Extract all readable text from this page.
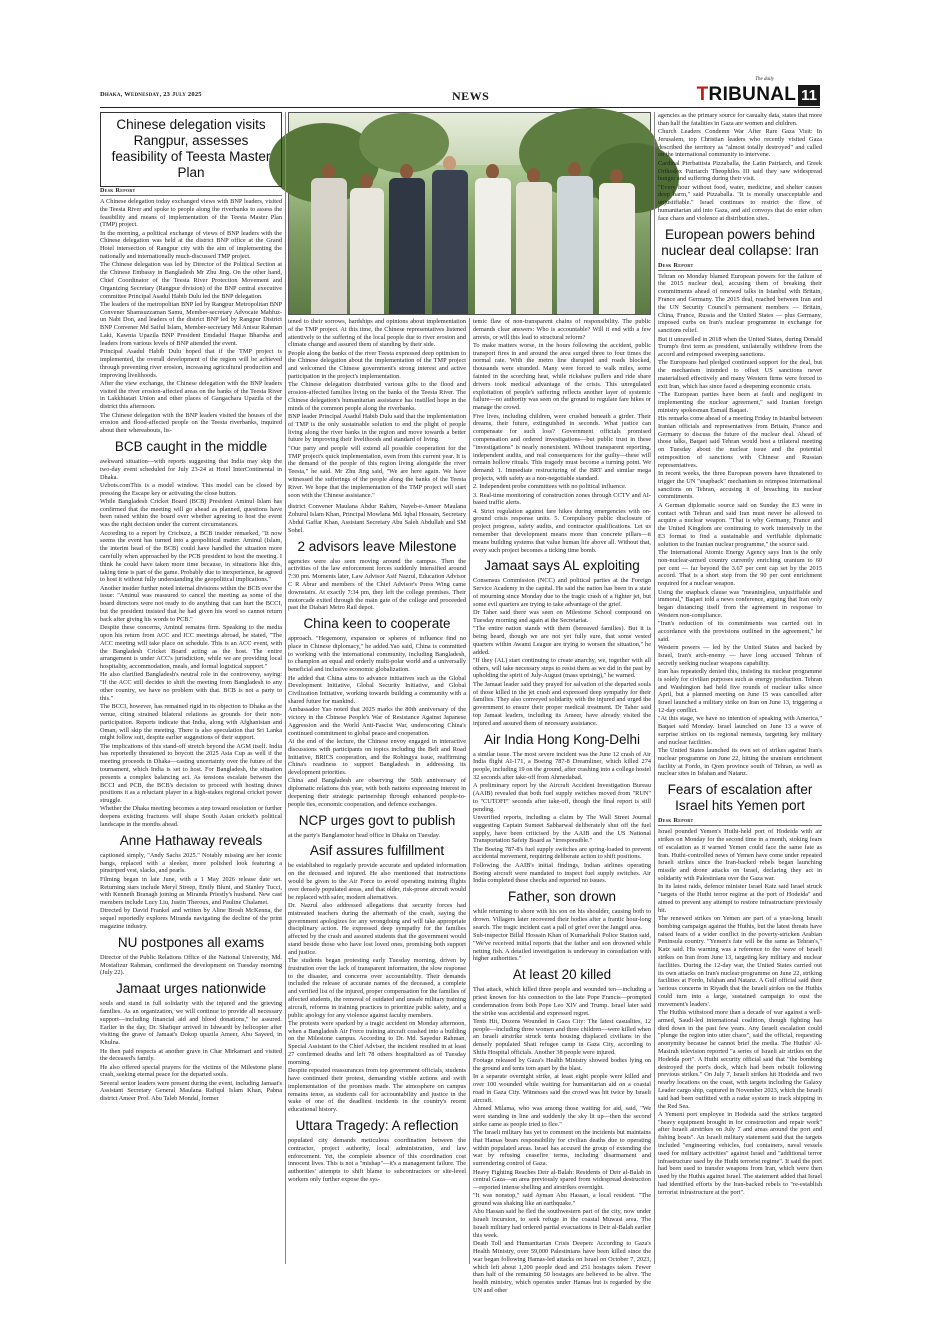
Dhaka, Wednesday, 23 July 2025	NEWS
The daily
TRIBUNAL 11
Chinese delegation visits Rangpur, assesses feasibility of Teesta Master Plan
Desk Report

A Chinese delegation today exchanged views with BNP leaders, visited the Teesta River and spoke to people along the riverbanks to assess the feasibility and means of implementation of the Teesta Master Plan (TMP) project.

In the morning, a political exchange of views of BNP leaders with the Chinese delegation was held at the district BNP office at the Grand Hotel intersection of Rangpur city with the aim of implementing the nationally and internationally much-discussed TMP project.

The Chinese delegation was led by Director of the Political Section at the Chinese Embassy in Bangladesh Mr Zhu Jing. On the other hand, Chief Coordinator of the Teesta River Protection Movement and Organizing Secretary (Rangpur division) of the BNP central executive committee Principal Asadul Habib Dulu led the BNP delegation.

The leaders of the metropolitan BNP led by Rangpur Metropolitan BNP Convener Shamsuzzaman Samu, Member-secretary Advocate Mahfuz-un Nabi Don, and leaders of the district BNP led by Rangpur District BNP Convener Md Saiful Islam, Member-secretary Md Anisur Rahman Lakt, Kawnia Upazila BNP President Emdadul Haque Bharsha and leaders from various levels of BNP attended the event.

Principal Asadul Habib Dulu hoped that if the TMP project is implemented, the overall development of the region will be achieved through preventing river erosion, increasing agricultural production and improving livelihoods.

After the view exchange, the Chinese delegation with the BNP leaders visited the river erosion-affected areas on the banks of the Teesta River in Lakkhiatari Union and other places of Gangachara Upazila of the district this afternoon.

The Chinese delegation with the BNP leaders visited the houses of the erosion and flood-affected people on the Teesta riverbanks, inquired about their whereabouts, lis-

BCB caught in the middle

awkward situation—with reports suggesting that India may skip the two-day event scheduled for July 23-24 at Hotel InterContinental in Dhaka.

Uzbots.comThis is a model window. This model can be closed by pressing the Escape key or activating the close button.

While Bangladesh Cricket Board (BCB) President Aminul Islam has confirmed that the meeting will go ahead as planned, questions have been raised within the board over whether agreeing to host the event was the right decision under the current circumstances.

According to a report by Cricbuzz, a BCB insider remarked, "It now seems the event has turned into a geopolitical matter. Aminul (Islam, the interim head of the BCB) could have handled the situation more carefully when approached by the PCB president to host the meeting. I think he could have taken more time because, in situations like this, taking time is part of the game. Probably due to inexperience, he agreed to host it without fully understanding the geopolitical implications."

Another insider further noted internal divisions within the BCB over the issue: "Aminul was reassured to cancel the meeting as some of the board directors were not ready to do anything that can hurt the BCCI, but the president insisted that he had given his word so cannot return back after giving his words to PCB."

Despite these concerns, Aminul remains firm. Speaking to the media upon his return from ACC and ICC meetings abroad, he stated, "The ACC meeting will take place on schedule. This is an ACC event, with the Bangladesh Cricket Board acting as the host. The entire arrangement is under ACC's jurisdiction, while we are providing local hospitality, accommodation, meals, and formal logistical support."

He also clarified Bangladesh's neutral role in the controversy, saying: "If the ACC still decides to shift the meeting from Bangladesh to any other country, we have no problem with that. BCB is not a party to this."

The BCCI, however, has remained rigid in its objection to Dhaka as the venue, citing strained bilateral relations as grounds for their non-participation. Reports indicate that India, along with Afghanistan and Oman, will skip the meeting. There is also speculation that Sri Lanka might follow suit, despite earlier suggestions of their support.

The implications of this stand-off stretch beyond the AGM itself. India has reportedly threatened to boycott the 2025 Asia Cup as well if the meeting proceeds in Dhaka—casting uncertainty over the future of the tournament, which India is set to host. For Bangladesh, the situation presents a complex balancing act. As tensions escalate between the BCCI and PCB, the BCB's decision to proceed with hosting draws positions it as a reluctant player in a high-stakes regional cricket power struggle.

Whether the Dhaka meeting becomes a step toward resolution or further deepens existing fractures will shape South Asian cricket's political landscape in the months ahead.

Anne Hathaway reveals

captioned simply, "Andy Sachs 2025." Notably missing are her iconic bangs, replaced with a sleeker, more polished look featuring a pinstriped vest, slacks, and pearls.

Filming began in late June, with a 1 May 2026 release date set. Returning stars include Meryl Streep, Emily Blunt, and Stanley Tucci, with Kenneth Branagh joining as Miranda Priestly's husband. New cast members include Lucy Liu, Justin Theroux, and Pauline Chalamet.

Directed by David Frankel and written by Aline Brosh McKenna, the sequel reportedly explores Miranda navigating the decline of the print magazine industry.

NU postpones all exams

Director of the Public Relations Office of the National University, Md. Mostafizur Rahman, confirmed the development on Tuesday morning (July 22).

Jamaat urges nationwide

souls and stand in full solidarity with the injured and the grieving families. As an organization, we will continue to provide all necessary support—including financial aid and blood donations," he assured. Earlier in the day, Dr. Shafiqur arrived in Ishwardi by helicopter after visiting the grave of Jamaat's Dokop upazila Ameer, Abu Sayeed, in Khulna.

He then paid respects at another grave in Char Mirkamari and visited the deceased's family.

He also offered special prayers for the victims of the Milestone plane crash, seeking eternal peace for the departed souls.

Several senior leaders were present during the event, including Jamaat's Assistant Secretary General Maulana Rafiqul Islam Khan, Pabna district Ameer Prof. Abu Taleb Mondal, former

tened to their sorrows, hardships and opinions about implementation of the TMP project. At this time, the Chinese representatives listened attentively to the suffering of the local people due to river erosion and climate change and assured them of standing by their side.

People along the banks of the river Teesta expressed deep optimism to the Chinese delegation about the implementation of the TMP project and welcomed the Chinese government's strong interest and active participation in the project's implementation.

The Chinese delegation distributed various gifts to the flood and erosion-affected families living on the banks of the Teesta River. The Chinese delegation's humanitarian assistance has instilled hope in the minds of the common people along the riverbanks.

BNP leader Principal Asadul Habib Dulu said that the implementation of TMP is the only sustainable solution to end the plight of people living along the river banks in the region and move towards a better future by improving their livelihoods and standard of living.

"Our party and people will extend all possible cooperation for the TMP project's quick implementation, even from this current year. It is the demand of the people of this region living alongside the river Teesta," he said. Mr Zhu Jing said, "We are here again. We have witnessed the sufferings of the people along the banks of the Teesta River. We hope that the implementation of the TMP project will start soon with the Chinese assistance."

district Convener Maulana Abdur Rahim, Nayeb-e-Ameer Maulana Zohurul Islam Khan, Principal Mowlana Md. Iqbal Hossain, Secretary Abdul Gaffar Khan, Assistant Secretary Abu Saleh Abdullah and SM Sohel.

2 advisors leave Milestone

agencies were also seen moving around the campus. Then the activities of the law enforcement forces suddenly intensified around 7:30 pm. Moments later, Law Advisor Asif Nazrul, Education Advisor C R Abrar and members of the Chief Advisor's Press Wing came downstairs. At exactly 7:34 pm, they left the college premises. Their motorcade exited through the main gate of the college and proceeded past the Diabari Metro Rail depot.

China keen to cooperate

approach. "Hegemony, expansion or spheres of influence find no place in Chinese diplomacy," he added.Yao said, China is committed to working with the international community, including Bangladesh, to champion an equal and orderly multi-polar world and a universally beneficial and inclusive economic globalization.

He added that China aims to advance initiatives such as the Global Development Initiative, Global Security Initiative, and Global Civilization Initiative, working towards building a community with a shared future for mankind.

Ambassador Yao noted that 2025 marks the 80th anniversary of the victory in the Chinese People's War of Resistance Against Japanese Aggression and the World Anti-Fascist War, underscoring China's continued commitment to global peace and cooperation.

At the end of the lecture, the Chinese envoy engaged in interactive discussions with participants on topics including the Belt and Road Initiative, BRICS cooperation, and the Rohingya issue, reaffirming China's readiness to support Bangladesh in addressing its development priorities.

China and Bangladesh are observing the 50th anniversary of diplomatic relations this year, with both nations expressing interest in deepening their strategic partnership through enhanced people-to-people ties, economic cooperation, and defence exchanges.

NCP urges govt to publish

at the party's Banglamotor head office in Dhaka on Tuesday.

Asif assures fulfillment

be established to regularly provide accurate and updated information on the deceased and injured. He also mentioned that instructions would be given to the Air Force to avoid operating training flights over densely populated areas, and that older, risk-prone aircraft would be replaced with safer, modern alternatives.

Dr. Nazrul also addressed allegations that security forces had mistreated teachers during the aftermath of the crash, saying the government apologizes for any wrongdoing and will take appropriate disciplinary action. He expressed deep sympathy for the families affected by the crash and assured students that the government would stand beside those who have lost loved ones, promising both support and justice.

The students began protesting early Tuesday morning, driven by frustration over the lack of transparent information, the slow response to the disaster, and concerns over accountability. Their demands included the release of accurate names of the deceased, a complete and verified list of the injured, proper compensation for the families of affected students, the removal of outdated and unsafe military training aircraft, reforms in training practices to prioritize public safety, and a public apology for any violence against faculty members.

The protests were sparked by a tragic accident on Monday afternoon, when a Bangladesh Air Force training aircraft crashed into a building on the Milestone campus. According to Dr. Md. Sayedur Rahman, Special Assistant to the Chief Adviser, the incident resulted in at least 27 confirmed deaths and left 78 others hospitalized as of Tuesday morning.

Despite repeated reassurances from top government officials, students have continued their protest, demanding visible actions and swift implementation of the promises made. The atmosphere on campus remains tense, as students call for accountability and justice in the wake of one of the deadliest incidents in the country's recent educational history.

Uttara Tragedy: A reflection

populated city demands meticulous coordination between the contractor, project authority, local administration, and law enforcement. Yet, the complete absence of this coordination cost innocent lives. This is not a "mishap"—it's a management failure. The authorities' attempts to shift blame to subcontractors or site-level workers only further expose the sys-

temic flaw of non-transparent chains of responsibility. The public demands clear answers: Who is accountable? Will it end with a few arrests, or will this lead to structural reform?

To make matters worse, in the hours following the accident, public transport fires in and around the area surged three to four times the normal rate. With the metro line disrupted and roads blocked, thousands were stranded. Many were forced to walk miles, some fainted in the scorching heat, while rickshaw pullers and ride share drivers took medical advantage of the crisis. This unregulated exploitation of people's suffering reflects another layer of systemic failure—no authority was seen on the ground to regulate fare hikes or manage the crowd.

Five lives, including children, were crushed beneath a girder. Their dreams, their future, extinguished in seconds. What justice can compensate for such loss? Government officials promised compensation and ordered investigations—but public trust in these "investigations" is nearly nonexistent. Without transparent reporting, independent audits, and real consequences for the guilty—these will remain hollow rituals. This tragedy must become a turning point. We demand: 1. Immediate restructuring of the BRT and similar mega projects, with safety as a non-negotiable standard.

2. Independent probe committees with no political influence.

3. Real-time monitoring of construction zones through CCTV and AI-based traffic alerts.

4. Strict regulation against fare hikes during emergencies with on-ground crisis response units. 5. Compulsory public disclosure of project progress, safety audits, and contractor qualifications. Let us remember that development means more than concrete pillars—it means building systems that value human life above all. Without that, every such project becomes a ticking time bomb.

Jamaat says AL exploiting

Consensus Commission (NCC) and political parties at the Foreign Service Academy in the capital. He said the nation has been in a state of mourning since Monday due to the tragic crash of a fighter jet, but some evil quarters are trying to take advantage of the grief.

Dr Taher said there was seen on Milestone School compound on Tuesday morning and again at the Secretariat.

"The entire nation stands with them (bereaved families). But it is being heard, though we are not yet fully sure, that some vested quarters within Awami League are trying to worsen the situation," he added.

"If they (AL) start continuing to create anarchy, we, together with all others, will take necessary steps to resist them as we did in the past by upholding the spirit of July-August (mass uprising)," he warned.

The Jamaat leader said they prayed for salvation of the departed souls of those killed in the jet crash and expressed deep sympathy for their families. They also conveyed solidarity with the injured and urged the government to ensure their proper medical treatment. Dr Taher said top Jamaat leaders, including its Ameer, have already visited the injured and assured them of necessary assistance.

Air India Hong Kong-Delhi

a similar issue. The most severe incident was the June 12 crash of Air India flight AI-171, a Boeing 787-8 Dreamliner, which killed 274 people, including 19 on the ground, after crashing into a college hostel 32 seconds after take-off from Ahmedabad.

A preliminary report by the Aircraft Accident Investigation Bureau (AAIB) revealed that both fuel supply switches moved from "RUN" to "CUTOFF" seconds after take-off, though the final report is still pending.

Unverified reports, including a claim by The Wall Street Journal suggesting Captain Sumeet Sabharwal deliberately shut off the fuel supply, have been criticised by the AAIB and the US National Transportation Safety Board as "irresponsible."

The Boeing 787-8's fuel supply switches are spring-loaded to prevent accidental movement, requiring deliberate action to shift positions.

Following the AAIB's initial findings, Indian airlines operating Boeing aircraft were mandated to inspect fuel supply switches. Air India completed these checks and reported no issues.

Father, son drown

while returning to shore with his son on his shoulder, causing both to drown. Villagers later recovered their bodies after a frantic hour-long search. The tragic incident cast a pall of grief over the Jangpil area.

Sub-inspector Billal Hossain Khan of Kumarkhali Police Station said, "We've received initial reports that the father and son drowned while netting fish. A detailed investigation is underway in consultation with higher authorities."

At least 20 killed

That attack, which killed three people and wounded ten—including a priest known for his connection to the late Pope Francis—prompted condemnation from both Pope Leo XIV and Trump. Israel later said the strike was accidental and expressed regret.

Tents Hit, Dozens Wounded in Gaza City: The latest casualties, 12 people—including three women and three children—were killed when an Israeli airstrike struck tents housing displaced civilians in the densely populated Shati refugee camp in Gaza City, according to Shifa Hospital officials. Another 38 people were injured.

Footage released by Gaza's Health Ministry showed bodies lying on the ground and tents torn apart by the blast.

In a separate overnight strike, at least eight people were killed and over 100 wounded while waiting for humanitarian aid on a coastal road in Gaza City. Witnesses said the crowd was hit twice by Israeli aircraft.

Ahmed Milama, who was among those waiting for aid, said, "We were standing in line and suddenly the sky lit up—then the second strike came as people tried to flee."

The Israeli military has yet to comment on the incidents but maintains that Hamas bears responsibility for civilian deaths due to operating within populated areas. Israel has accused the group of extending the war by refusing ceasefire terms, including disarmament and surrendering control of Gaza.

Heavy Fighting Reaches Deir al-Balah: Residents of Deir al-Balah in central Gaza—an area previously spared from widespread destruction—reported intense shelling and airstrikes overnight.

"It was nonstop," said Ayman Abu Hassan, a local resident. "The ground was shaking like an earthquake."

Abu Hassan said he fled the southwestern part of the city, now under Israeli incursion, to seek refuge in the coastal Muwasi area. The Israeli military had ordered partial evacuations in Deir al-Balah earlier this week.

Death Toll and Humanitarian Crisis Deepen: According to Gaza's Health Ministry, over 59,000 Palestinians have been killed since the war began following Hamas-led attacks on Israel on October 7, 2023, which left about 1,200 people dead and 251 hostages taken. Fewer than half of the remaining 50 hostages are believed to be alive. The health ministry, which operates under Hamas but is regarded by the UN and other

agencies as the primary source for casualty data, states that more than half the fatalities in Gaza are women and children.

Church Leaders Condemn War After Rare Gaza Visit: In Jerusalem, top Christian leaders who recently visited Gaza described the territory as "almost totally destroyed" and called on the international community to intervene.

Cardinal Pierbattista Pizzaballa, the Latin Patriarch, and Greek Orthodox Patriarch Theophilos III said they saw widespread hunger and suffering during their visit.

"Every hour without food, water, medicine, and shelter causes deep harm," said Pizzaballa. "It is morally unacceptable and unjustifiable." Israel continues to restrict the flow of humanitarian aid into Gaza, and aid convoys that do enter often face chaos and violence at distribution sites.

European powers behind nuclear deal collapse: Iran
Desk Report

Tehran on Monday blamed European powers for the failure of the 2015 nuclear deal, accusing them of breaking their commitments ahead of renewed talks in Istanbul with Britain, France and Germany. The 2015 deal, reached between Iran and the UN Security Council's permanent members — Britain, China, France, Russia and the United States — plus Germany, imposed curbs on Iran's nuclear programme in exchange for sanctions relief.

But it unravelled in 2018 when the United States, during Donald Trump's first term as president, unilaterally withdrew from the accord and reimposed sweeping sanctions.

The Europeans had pledged continued support for the deal, but the mechanism intended to offset US sanctions never materialised effectively and many Western firms were forced to exit Iran, which has since faced a deepening economic crisis.

"The European parties have been at fault and negligent in implementing the nuclear agreement," said Iranian foreign ministry spokesman Esmail Baqaei.

His remarks come ahead of a meeting Friday in Istanbul between Iranian officials and representatives from Britain, France and Germany to discuss the future of the nuclear deal. Ahead of those talks, Baqaei said Tehran would host a trilateral meeting on Tuesday about the nuclear issue and the potential reimposition of sanctions with Chinese and Russian representatives.

In recent weeks, the three European powers have threatened to trigger the UN "snapback" mechanism to reimpose international sanctions on Tehran, accusing it of breaching its nuclear commitments.

A German diplomatic source said on Sunday the E3 were in contact with Tehran and said Iran must never be allowed to acquire a nuclear weapon. "That is why Germany, France and the United Kingdom are continuing to work intensively in the E3 format to find a sustainable and verifiable diplomatic solution to the Iranian nuclear programme," the source said.

The International Atomic Energy Agency says Iran is the only non-nuclear-armed country currently enriching uranium to 60 per cent — far beyond the 3.67 per cent cap set by the 2015 accord. That is a short step from the 90 per cent enrichment required for a nuclear weapon.

Using the snapback clause was "meaningless, unjustifiable and immoral," Baqaei told a news conference, arguing that Iran only began distancing itself from the agreement in response to Western non-compliance.

"Iran's reduction of its commitments was carried out in accordance with the provisions outlined in the agreement," he said.

Western powers — led by the United States and backed by Israel, Iran's arch-enemy — have long accused Tehran of secretly seeking nuclear weapons capability.

Iran has repeatedly denied this, insisting its nuclear programme is solely for civilian purposes such as energy production. Tehran and Washington had held five rounds of nuclear talks since April, but a planned meeting on June 15 was cancelled after Israel launched a military strike on Iran on June 13, triggering a 12-day conflict.

"At this stage, we have no intention of speaking with America," Baqaei said Monday. Israel launched on June 13 a wave of surprise strikes on its regional nemesis, targeting key military and nuclear facilities.

The United States launched its own set of strikes against Iran's nuclear programme on June 22, hitting the uranium enrichment facility at Fordo, in Qom province south of Tehran, as well as nuclear sites in Isfahan and Natanz.

Fears of escalation after Israel hits Yemen port
Desk Report

Israel pounded Yemen's Huthi-held port of Hodeida with air strikes on Monday for the second time in a month, stoking fears of escalation as it warned Yemen could face the same fate as Iran. Huthi-controlled news of Yemen have come under repeated Israeli strikes since the Iran-backed rebels began launching missile and drone attacks on Israel, declaring they act in solidarity with Palestinians over the Gaza war.

In its latest raids, defence minister Israel Katz said Israel struck "targets of the Huthi terror regime at the port of Hodeida" and aimed to prevent any attempt to restore infrastructure previously hit.

The renewed strikes on Yemen are part of a year-long Israeli bombing campaign against the Huthis, but the latest threats have raised fears of a wider conflict in the poverty-stricken Arabian Peninsula country. "Yemen's fate will be the same as Tehran's," Katz said. His warning was a reference to the wave of Israeli strikes on Iran from June 13, targeting key military and nuclear facilities. During the 12-day war, the United States carried out its own attacks on Iran's nuclear programme on June 22, striking facilities at Fordo, Isfahan and Natanz. A Gulf official said their 'serious concerns in Riyadh that the Israeli strikes on the Huthis could turn into a large, sustained campaign to oust the movement's leaders'.

The Huthis withstood more than a decade of war against a well-armed, Saudi-led international coalition, though fighting has died down in the past few years. Any Israeli escalation could "plunge the region into utter chaos", said the official, requesting anonymity because he cannot brief the media. The Huthis' Al-Masirah television reported "a series of Israeli air strikes on the Hodeida port". A Huthi security official said that "the bombing destroyed the port's dock, which had been rebuilt following previous strikes." On July 7, Israeli strikes hit Hodeida and two nearby locations on the coast, with targets including the Galaxy Leader cargo ship, captured in November 2023, which the Israeli said had been outfitted with a radar system to track shipping in the Red Sea.

A Yemeni port employee in Hodeida said the strikes targeted "heavy equipment brought in for construction and repair work" after Israeli airstrikes on July 7 and areas around the port and fishing boats". An Israeli military statement said that the targets included "engineering vehicles, fuel containers, naval vessels used for military activities" against Israel and "additional terror infrastructure used by the Huthi terrorist regime". It said the port had been used to transfer weapons from Iran, which were then used by the Huthis against Israel. The statement added that Israel had identified efforts by the Iran-backed rebels to "re-establish terrorist infrastructure at the port".
